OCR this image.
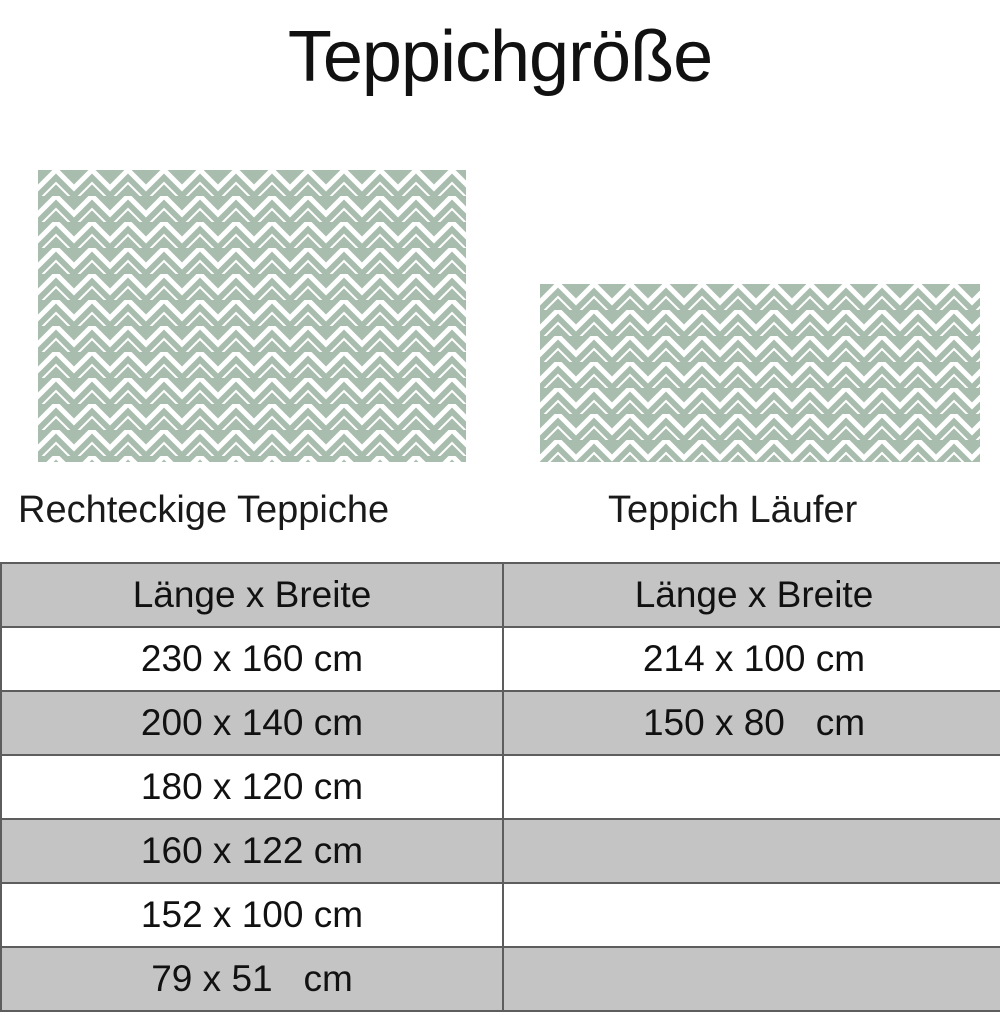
Teppichgröße
Rechteckige Teppiche	Teppich Läufer
Länge x Breite	Länge x Breite
230 x 160 cm	214 x 100 cm
200 x 140 cm	150 x 80   cm
180 x 120 cm	
160 x 122 cm	
152 x 100 cm	
79 x 51   cm	
